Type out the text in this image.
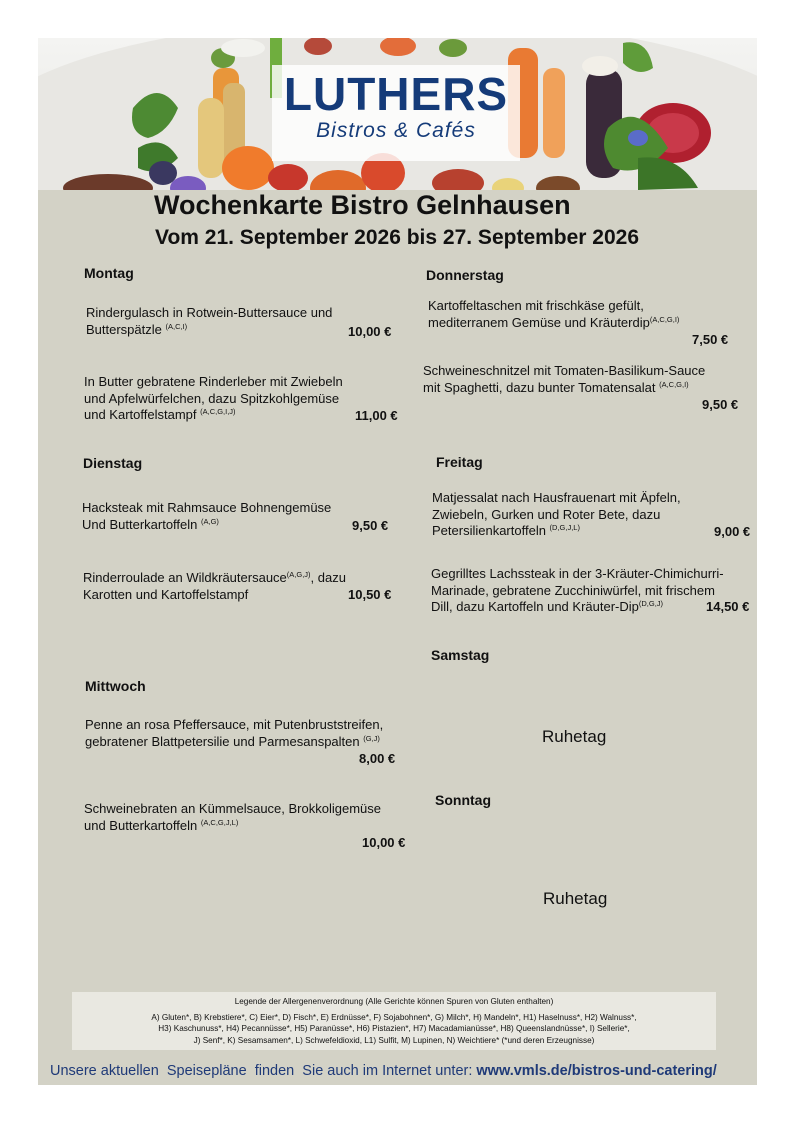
LUTHERS
Bistros & Cafés
Wochenkarte Bistro Gelnhausen
Vom 21. September 2026 bis 27. September 2026
Montag
Rindergulasch in Rotwein-Buttersauce und
Butterspätzle $^{(A,C,I)}$	10,00 €
In Butter gebratene Rinderleber mit Zwiebeln
und Apfelwürfelchen, dazu Spitzkohlgemüse
und Kartoffelstampf $^{(A,C,G,I,J)}$	11,00 €
Dienstag
Hacksteak mit Rahmsauce Bohnengemüse
Und Butterkartoffeln $^{(A,G)}$	9,50 €
Rinderroulade an Wildkräutersauce$^{(A,G,J)}$, dazu
Karotten und Kartoffelstampf	10,50 €
Mittwoch
Penne an rosa Pfeffersauce, mit Putenbruststreifen,
gebratener Blattpetersilie und Parmesanspalten $^{(G,J)}$
8,00 €
Schweinebraten an Kümmelsauce, Brokkoligemüse
und Butterkartoffeln $^{(A,C,G,J,L)}$
10,00 €
Donnerstag
Kartoffeltaschen mit frischkäse gefült,
mediterranem Gemüse und Kräuterdip$^{(A,C,G,I)}$
7,50 €
Schweineschnitzel mit Tomaten-Basilikum-Sauce
mit Spaghetti, dazu bunter Tomatensalat $^{(A,C,G,I)}$
9,50 €
Freitag
Matjessalat nach Hausfrauenart mit Äpfeln,
Zwiebeln, Gurken und Roter Bete, dazu
Petersilienkartoffeln $^{(D,G,J,L)}$	9,00 €
Gegrilltes Lachssteak in der 3-Kräuter-Chimichurri-
Marinade, gebratene Zucchiniwürfel, mit frischem
Dill, dazu Kartoffeln und Kräuter-Dip$^{(D,G,J)}$	14,50 €
Samstag
Ruhetag
Sonntag
Ruhetag
Legende der Allergenenverordnung (Alle Gerichte können Spuren von Gluten enthalten)
A) Gluten*, B) Krebstiere*, C) Eier*, D) Fisch*, E) Erdnüsse*, F) Sojabohnen*, G) Milch*, H) Mandeln*, H1) Haselnuss*, H2) Walnuss*,
H3) Kaschunuss*, H4) Pecannüsse*, H5) Paranüsse*, H6) Pistazien*, H7) Macadamianüsse*, H8) Queenslandnüsse*, I) Sellerie*,
J) Senf*, K) Sesamsamen*, L) Schwefeldioxid, L1) Sulfit, M) Lupinen, N) Weichtiere* (*und deren Erzeugnisse)
Unsere aktuellen  Speisepläne  finden  Sie auch im Internet unter: www.vmls.de/bistros-und-catering/
